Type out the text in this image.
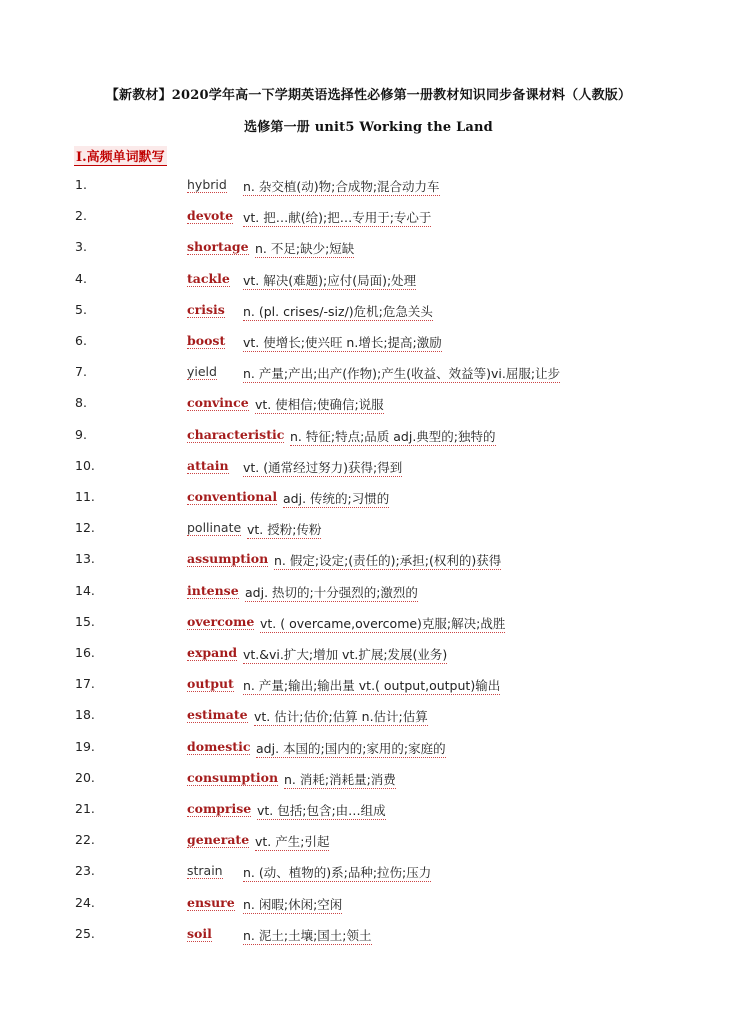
【新教材】2020学年高一下学期英语选择性必修第一册教材知识同步备课材料（人教版）
选修第一册 unit5 Working the Land
I.高频单词默写
1.	hybrid n. 杂交植(动)物;合成物;混合动力车
2.	devote vt. 把…献(给);把…专用于;专心于
3.	shortage n. 不足;缺少;短缺
4.	tackle vt. 解决(难题);应付(局面);处理
5.	crisis n. (pl. crises/-siz/)危机;危急关头
6.	boost vt. 使增长;使兴旺 n.增长;提高;激励
7.	yield n. 产量;产出;出产(作物);产生(收益、效益等)vi.屈服;让步
8.	convince vt. 使相信;使确信;说服
9.	characteristic n. 特征;特点;品质 adj.典型的;独特的
10.	attain vt. (通常经过努力)获得;得到
11.	conventional adj. 传统的;习惯的
12.	pollinate vt. 授粉;传粉
13.	assumption n. 假定;设定;(责任的);承担;(权利的)获得
14.	intense adj. 热切的;十分强烈的;激烈的
15.	overcome vt. ( overcame,overcome)克服;解决;战胜
16.	expand vt.&vi.扩大;增加 vt.扩展;发展(业务)
17.	output n. 产量;输出;输出量 vt.( output,output)输出
18.	estimate vt. 估计;估价;估算 n.估计;估算
19.	domestic adj. 本国的;国内的;家用的;家庭的
20.	consumption n. 消耗;消耗量;消费
21.	comprise vt. 包括;包含;由…组成
22.	generate vt. 产生;引起
23.	strain n. (动、植物的)系;品种;拉伤;压力
24.	ensure n. 闲暇;休闲;空闲
25.	soil n. 泥土;土壤;国土;领土
